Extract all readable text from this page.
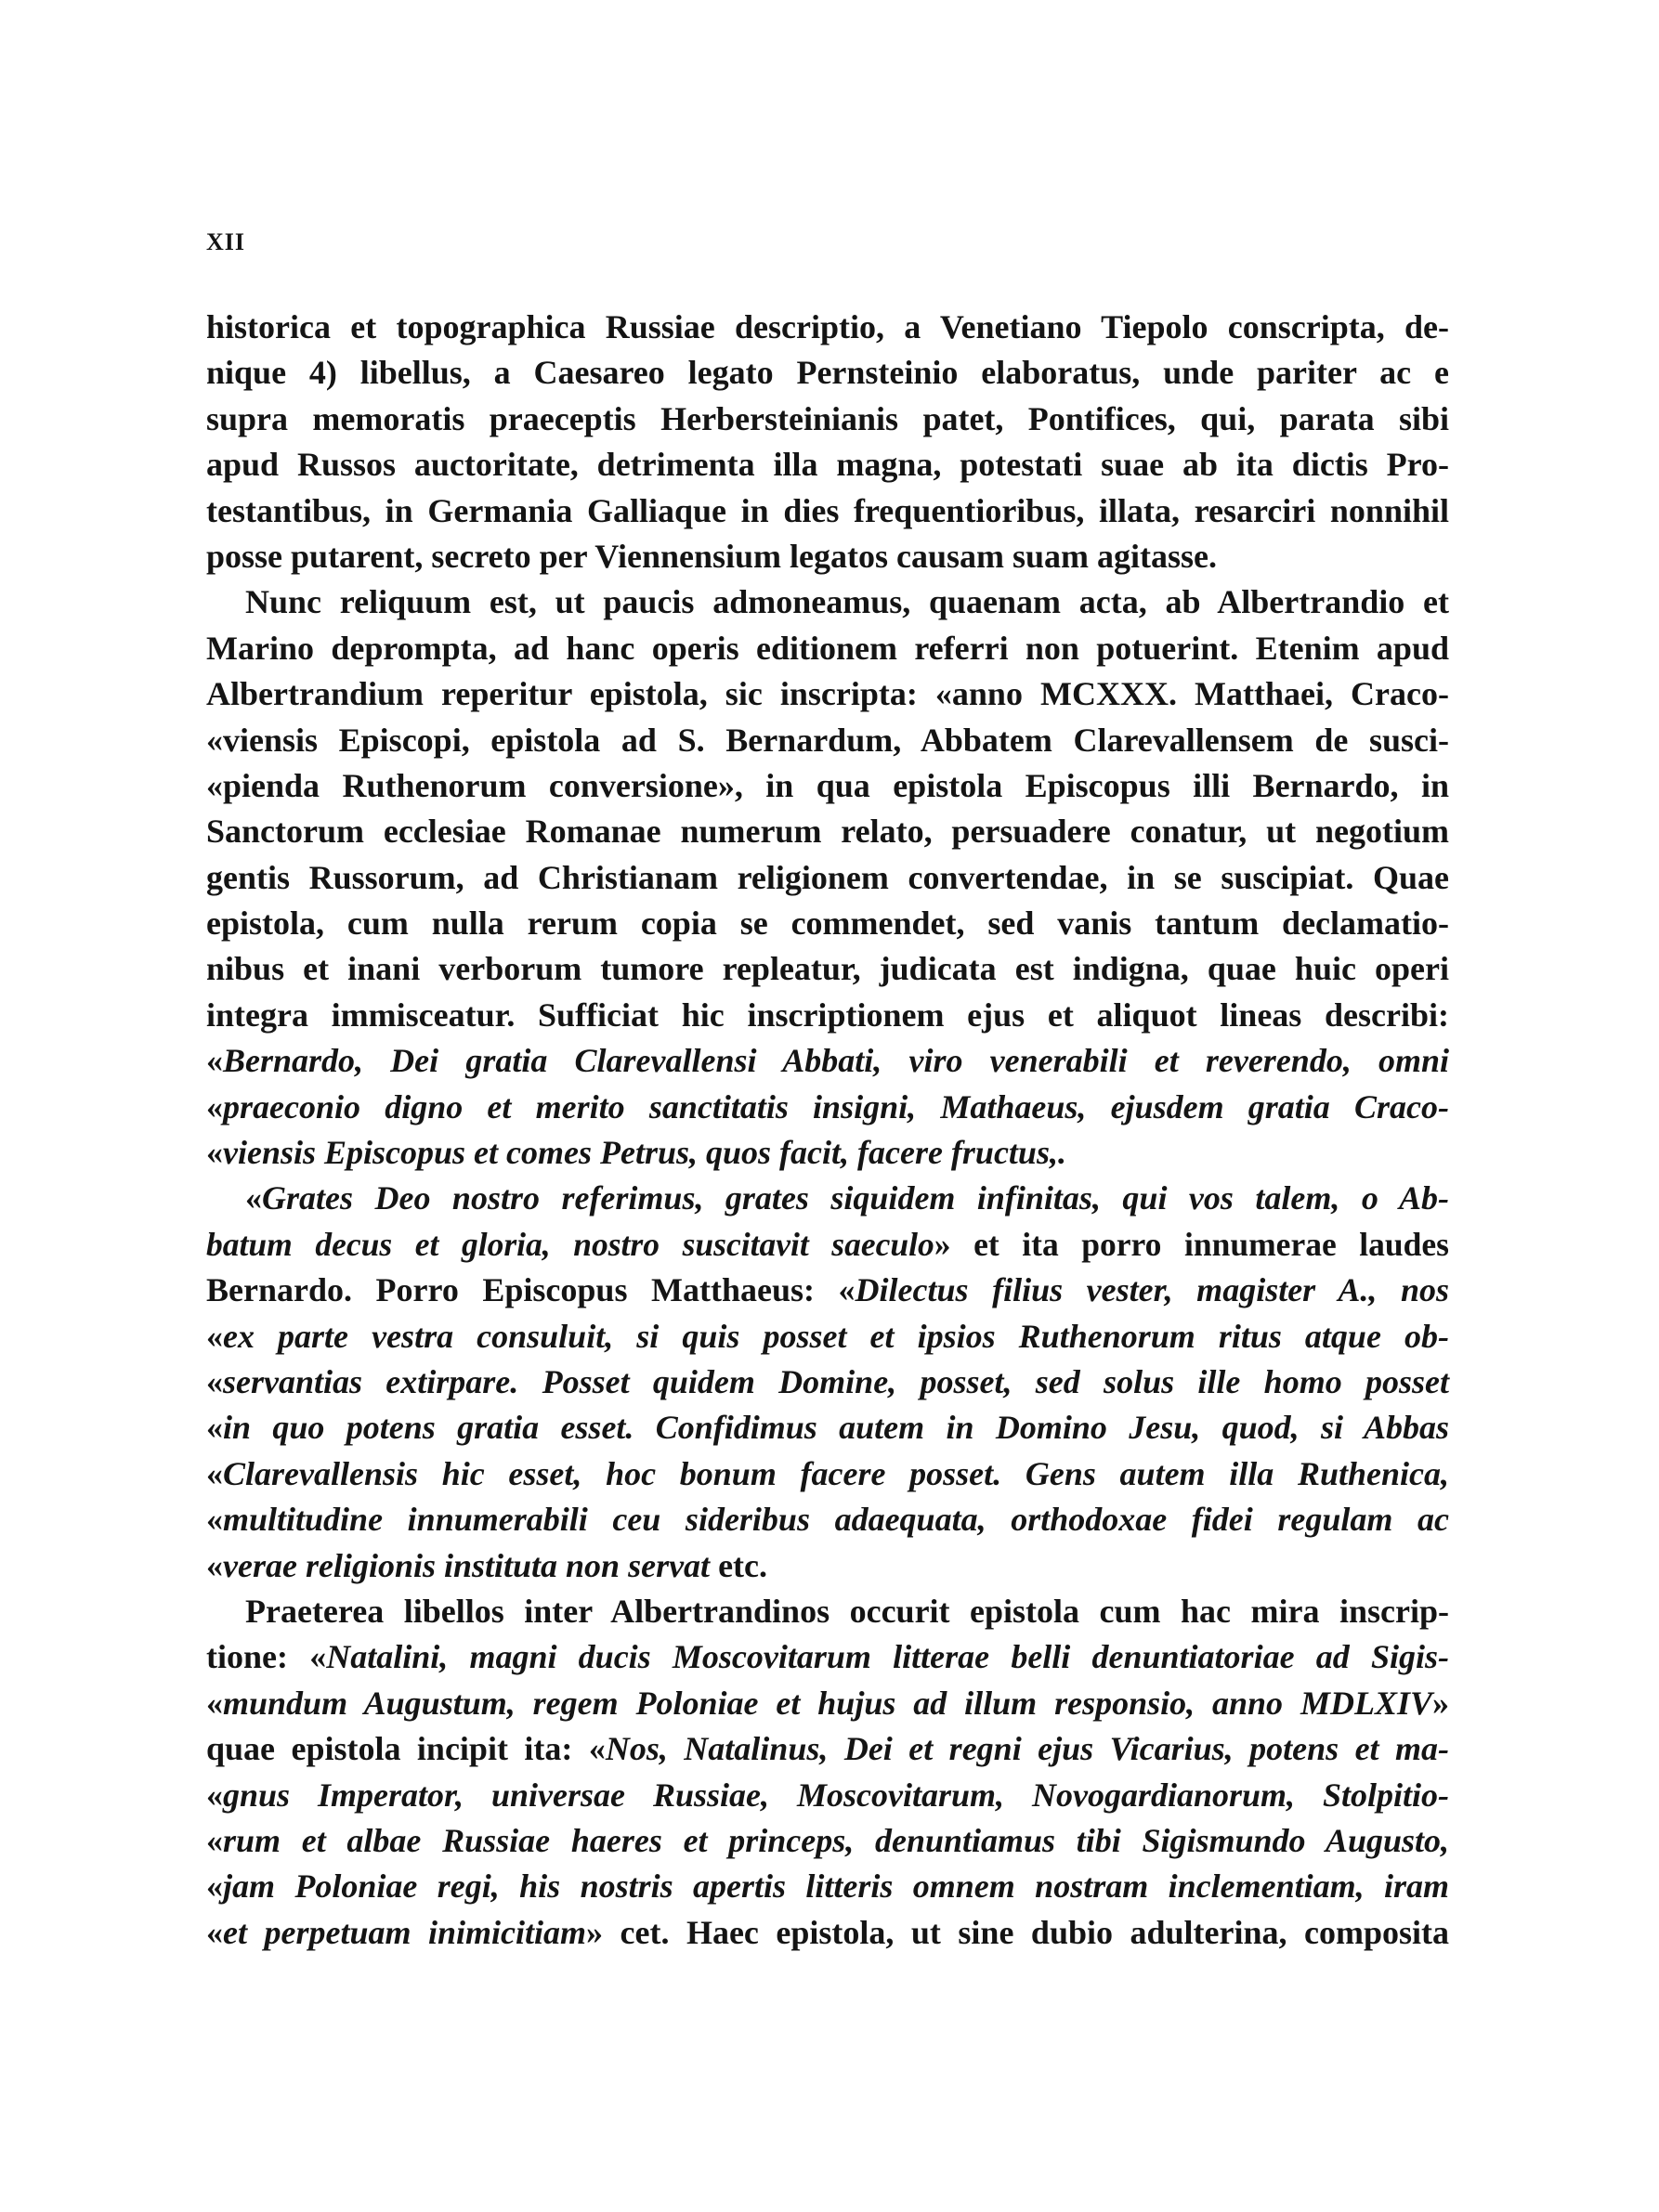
XII
historica et topographica Russiae descriptio, a Venetiano Tiepolo conscripta, de-
nique 4) libellus, a Caesareo legato Pernsteinio elaboratus, unde pariter ac e
supra memoratis praeceptis Herbersteinianis patet, Pontifices, qui, parata sibi
apud Russos auctoritate, detrimenta illa magna, potestati suae ab ita dictis Pro-
testantibus, in Germania Galliaque in dies frequentioribus, illata, resarciri nonnihil
posse putarent, secreto per Viennensium legatos causam suam agitasse.
Nunc reliquum est, ut paucis admoneamus, quaenam acta, ab Albertrandio et
Marino deprompta, ad hanc operis editionem referri non potuerint. Etenim apud
Albertrandium reperitur epistola, sic inscripta: «anno MCXXX. Matthaei, Craco-
«viensis Episcopi, epistola ad S. Bernardum, Abbatem Clarevallensem de susci-
«pienda Ruthenorum conversione», in qua epistola Episcopus illi Bernardo, in
Sanctorum ecclesiae Romanae numerum relato, persuadere conatur, ut negotium
gentis Russorum, ad Christianam religionem convertendae, in se suscipiat. Quae
epistola, cum nulla rerum copia se commendet, sed vanis tantum declamatio-
nibus et inani verborum tumore repleatur, judicata est indigna, quae huic operi
integra immisceatur. Sufficiat hic inscriptionem ejus et aliquot lineas describi:
«Bernardo, Dei gratia Clarevallensi Abbati, viro venerabili et reverendo, omni
«praeconio digno et merito sanctitatis insigni, Mathaeus, ejusdem gratia Craco-
«viensis Episcopus et comes Petrus, quos facit, facere fructus,.
«Grates Deo nostro referimus, grates siquidem infinitas, qui vos talem, o Ab-
batum decus et gloria, nostro suscitavit saeculo» et ita porro innumerae laudes
Bernardo. Porro Episcopus Matthaeus: «Dilectus filius vester, magister A., nos
«ex parte vestra consuluit, si quis posset et ipsios Ruthenorum ritus atque ob-
«servantias extirpare. Posset quidem Domine, posset, sed solus ille homo posset
«in quo potens gratia esset. Confidimus autem in Domino Jesu, quod, si Abbas
«Clarevallensis hic esset, hoc bonum facere posset. Gens autem illa Ruthenica,
«multitudine innumerabili ceu sideribus adaequata, orthodoxae fidei regulam ac
«verae religionis instituta non servat etc.
Praeterea libellos inter Albertrandinos occurit epistola cum hac mira inscrip-
tione: «Natalini, magni ducis Moscovitarum litterae belli denuntiatoriae ad Sigis-
«mundum Augustum, regem Poloniae et hujus ad illum responsio, anno MDLXIV»
quae epistola incipit ita: «Nos, Natalinus, Dei et regni ejus Vicarius, potens et ma-
«gnus Imperator, universae Russiae, Moscovitarum, Novogardianorum, Stolpitio-
«rum et albae Russiae haeres et princeps, denuntiamus tibi Sigismundo Augusto,
«jam Poloniae regi, his nostris apertis litteris omnem nostram inclementiam, iram
«et perpetuam inimicitiam» cet. Haec epistola, ut sine dubio adulterina, composita
